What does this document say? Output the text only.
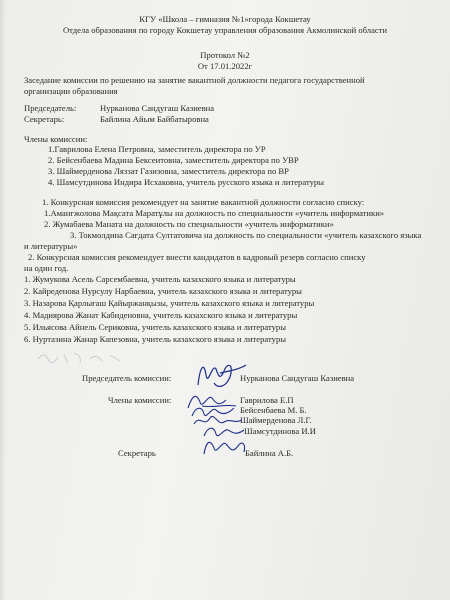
КГУ «Школа – гимназия №1»города Кокшетау
Отдела образования по городу Кокшетау управления образования Акмолинской области
Протокол №2
От 17.01.2022г
Заседание комиссии по решению на занятие вакантной должности педагога государственной
организации образования
Председатель:	Нурканова Сандугаш Казиевна
Секретарь:	Байлина Айым Байбатыровна
Члены комиссии:
1.Гаврилова Елена Петровна, заместитель директора по УР
2. Бейсенбаева Мадина Бексеитовна, заместитель директора по УВР
3. Шаймерденова Ляззат Газизовна, заместитель директора по ВР
4. Шамсутдинова Индира Исхаковна, учитель русского языка и литературы
1. Конкурсная комиссия рекомендует на занятие вакантной должности согласно списку:
1.Амангжолова Мақсата Маратұлы на должность по специальности «учитель информатики»
2. Жумабаева Маната на должность по специальности «учитель информатики»
3. Токмолдина Сағдата Султатовича на должность по специальности «учитель казахского языка
и литературы»
2. Конкурсная комиссия рекомендует внести кандидатов в кадровый резерв согласно списку
на один год.
1. Жумукова Асель Сарсембаевна, учитель казахского языка и литературы
2. Кайреденова Нурсулу Нарбаевна, учитель казахского языка и литературы
3. Назарова Қарлығаш Қайыржанқызы, учитель казахского языка и литературы
4. Мадиярова Жанат Кабиденовна, учитель казахского языка и литературы
5. Ильясова Айнель Сериковна, учитель казахского языка и литературы
6. Нуртазина Жанар Капезовна, учитель казахского языка и литературы
Председатель комиссии:	Нурканова Сандугаш Казиевна
Члены комиссии:	Гаврилова Е.П
Бейсенбаева М. Б.
Шаймерденова Л.Г.
Шамсутдинова И.И
Секретарь	Байлина А.Б.
